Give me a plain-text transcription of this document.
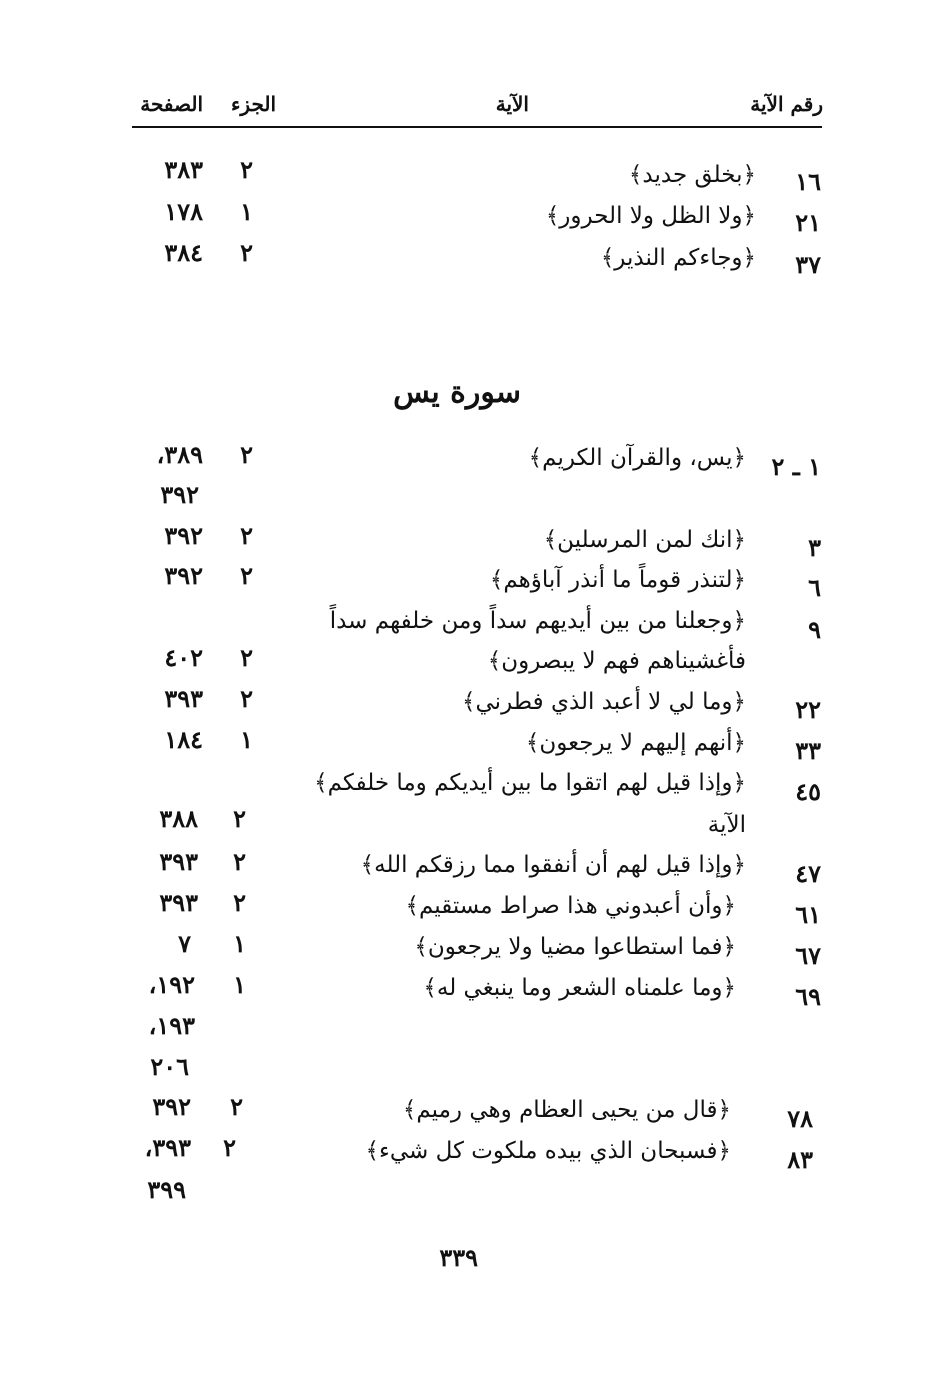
رقم الآية
الآية
الجزء
الصفحة
١٦
﴿بخلق جديد﴾
٢
٣٨٣
٢١
﴿ولا الظل ولا الحرور﴾
١
١٧٨
٣٧
﴿وجاءكم النذير﴾
٢
٣٨٤
سورة يس
١ ـ ٢
﴿يس، والقرآن الكريم﴾
٢
٣٨٩،
٣٩٢
٣
﴿انك لمن المرسلين﴾
٢
٣٩٢
٦
﴿لتنذر قوماً ما أنذر آباؤهم﴾
٢
٣٩٢
٩
﴿وجعلنا من بين أيديهم سداً ومن خلفهم سداً
فأغشيناهم فهم لا يبصرون﴾
٢
٤٠٢
٢٢
﴿وما لي لا أعبد الذي فطرني﴾
٢
٣٩٣
٣٣
﴿أنهم إليهم لا يرجعون﴾
١
١٨٤
٤٥
﴿وإذا قيل لهم اتقوا ما بين أيديكم وما خلفكم﴾
الآية
٢
٣٨٨
٤٧
﴿وإذا قيل لهم أن أنفقوا مما رزقكم الله﴾
٢
٣٩٣
٦١
﴿وأن أعبدوني هذا صراط مستقيم﴾
٢
٣٩٣
٦٧
﴿فما استطاعوا مضيا ولا يرجعون﴾
١
٧
٦٩
﴿وما علمناه الشعر وما ينبغي له﴾
١
١٩٢،
١٩٣،
٢٠٦
٧٨
﴿قال من يحيى العظام وهي رميم﴾
٢
٣٩٢
٨٣
﴿فسبحان الذي بيده ملكوت كل شيء﴾
٢
٣٩٣،
٣٩٩
٣٣٩
